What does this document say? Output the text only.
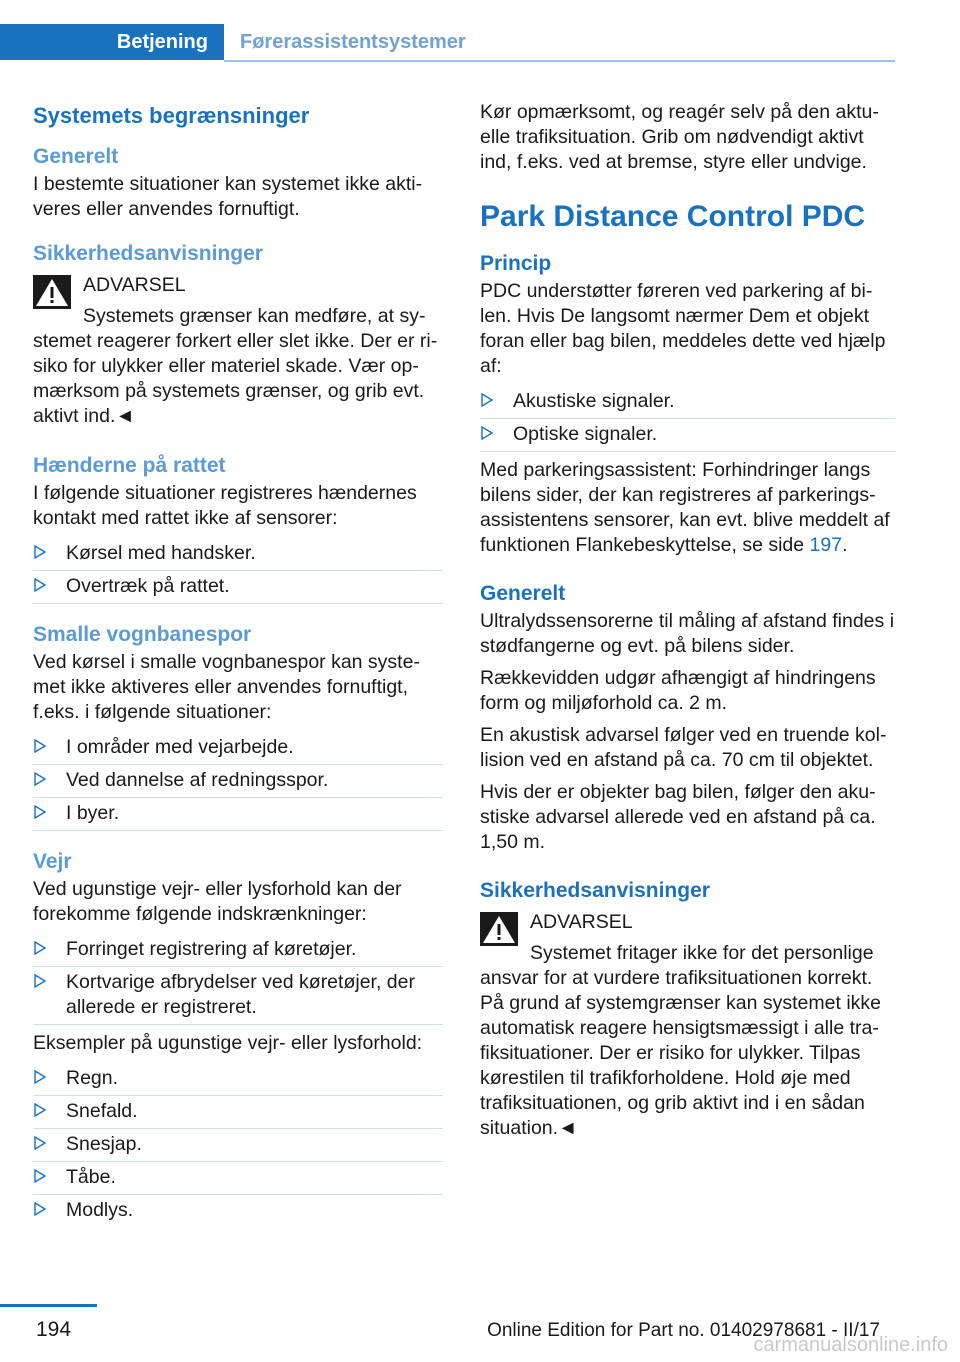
Betjening	Førerassistentsystemer
Systemets begrænsninger
Generelt

I bestemte situationer kan systemet ikke aktiveres eller anvendes fornuftigt.

Sikkerhedsanvisninger
ADVARSEL

Systemets grænser kan medføre, at systemet reagerer forkert eller slet ikke. Der er risiko for ulykker eller materiel skade. Vær opmærksom på systemets grænser, og grib evt. aktivt ind.◄

Hænderne på rattet

I følgende situationer registreres hændernes kontakt med rattet ikke af sensorer:

Kørsel med handsker.
Overtræk på rattet.
Smalle vognbanespor

Ved kørsel i smalle vognbanespor kan systemet ikke aktiveres eller anvendes fornuftigt, f.eks. i følgende situationer:

I områder med vejarbejde.
Ved dannelse af redningsspor.
I byer.
Vejr

Ved ugunstige vejr- eller lysforhold kan der forekomme følgende indskrænkninger:

Forringet registrering af køretøjer.
Kortvarige afbrydelser ved køretøjer, der allerede er registreret.

Eksempler på ugunstige vejr- eller lysforhold:

Regn.
Snefald.
Snesjap.
Tåbe.
Modlys.

Kør opmærksomt, og reagér selv på den aktuelle trafiksituation. Grib om nødvendigt aktivt ind, f.eks. ved at bremse, styre eller undvige.

Park Distance Control PDC
Princip

PDC understøtter føreren ved parkering af bilen. Hvis De langsomt nærmer Dem et objekt foran eller bag bilen, meddeles dette ved hjælp af:

Akustiske signaler.
Optiske signaler.

Med parkeringsassistent: Forhindringer langs bilens sider, der kan registreres af parkeringsassistentens sensorer, kan evt. blive meddelt af funktionen Flankebeskyttelse, se side 197.

Generelt

Ultralydssensorerne til måling af afstand findes i stødfangerne og evt. på bilens sider.

Rækkevidden udgør afhængigt af hindringens form og miljøforhold ca. 2 m.

En akustisk advarsel følger ved en truende kollision ved en afstand på ca. 70 cm til objektet.

Hvis der er objekter bag bilen, følger den akustiske advarsel allerede ved en afstand på ca. 1,50 m.

Sikkerhedsanvisninger
ADVARSEL

Systemet fritager ikke for det personlige ansvar for at vurdere trafiksituationen korrekt. På grund af systemgrænser kan systemet ikke automatisk reagere hensigtsmæssigt i alle trafiksituationer. Der er risiko for ulykker. Tilpas kørestilen til trafikforholdene. Hold øje med trafiksituationen, og grib aktivt ind i en sådan situation.◄

194	Online Edition for Part no. 01402978681 - II/17
carmanualsonline.info
